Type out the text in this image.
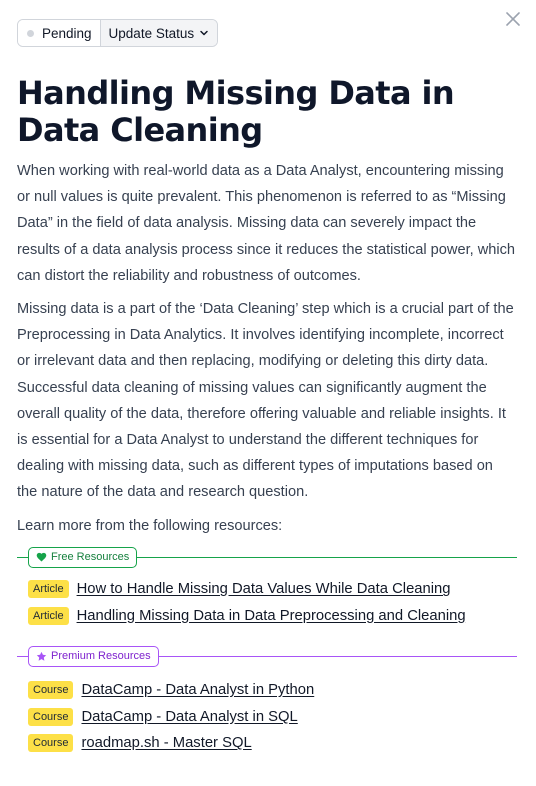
Pending Update Status
Handling Missing Data in Data Cleaning

When working with real-world data as a Data Analyst, encountering missing or null values is quite prevalent. This phenomenon is referred to as “Missing Data” in the field of data analysis. Missing data can severely impact the results of a data analysis process since it reduces the statistical power, which can distort the reliability and robustness of outcomes.

Missing data is a part of the ‘Data Cleaning’ step which is a crucial part of the Preprocessing in Data Analytics. It involves identifying incomplete, incorrect or irrelevant data and then replacing, modifying or deleting this dirty data. Successful data cleaning of missing values can significantly augment the overall quality of the data, therefore offering valuable and reliable insights. It is essential for a Data Analyst to understand the different techniques for dealing with missing data, such as different types of imputations based on the nature of the data and research question.

Learn more from the following resources:

Free Resources
Article How to Handle Missing Data Values While Data Cleaning
Article Handling Missing Data in Data Preprocessing and Cleaning
Premium Resources
Course DataCamp - Data Analyst in Python
Course DataCamp - Data Analyst in SQL
Course roadmap.sh - Master SQL
